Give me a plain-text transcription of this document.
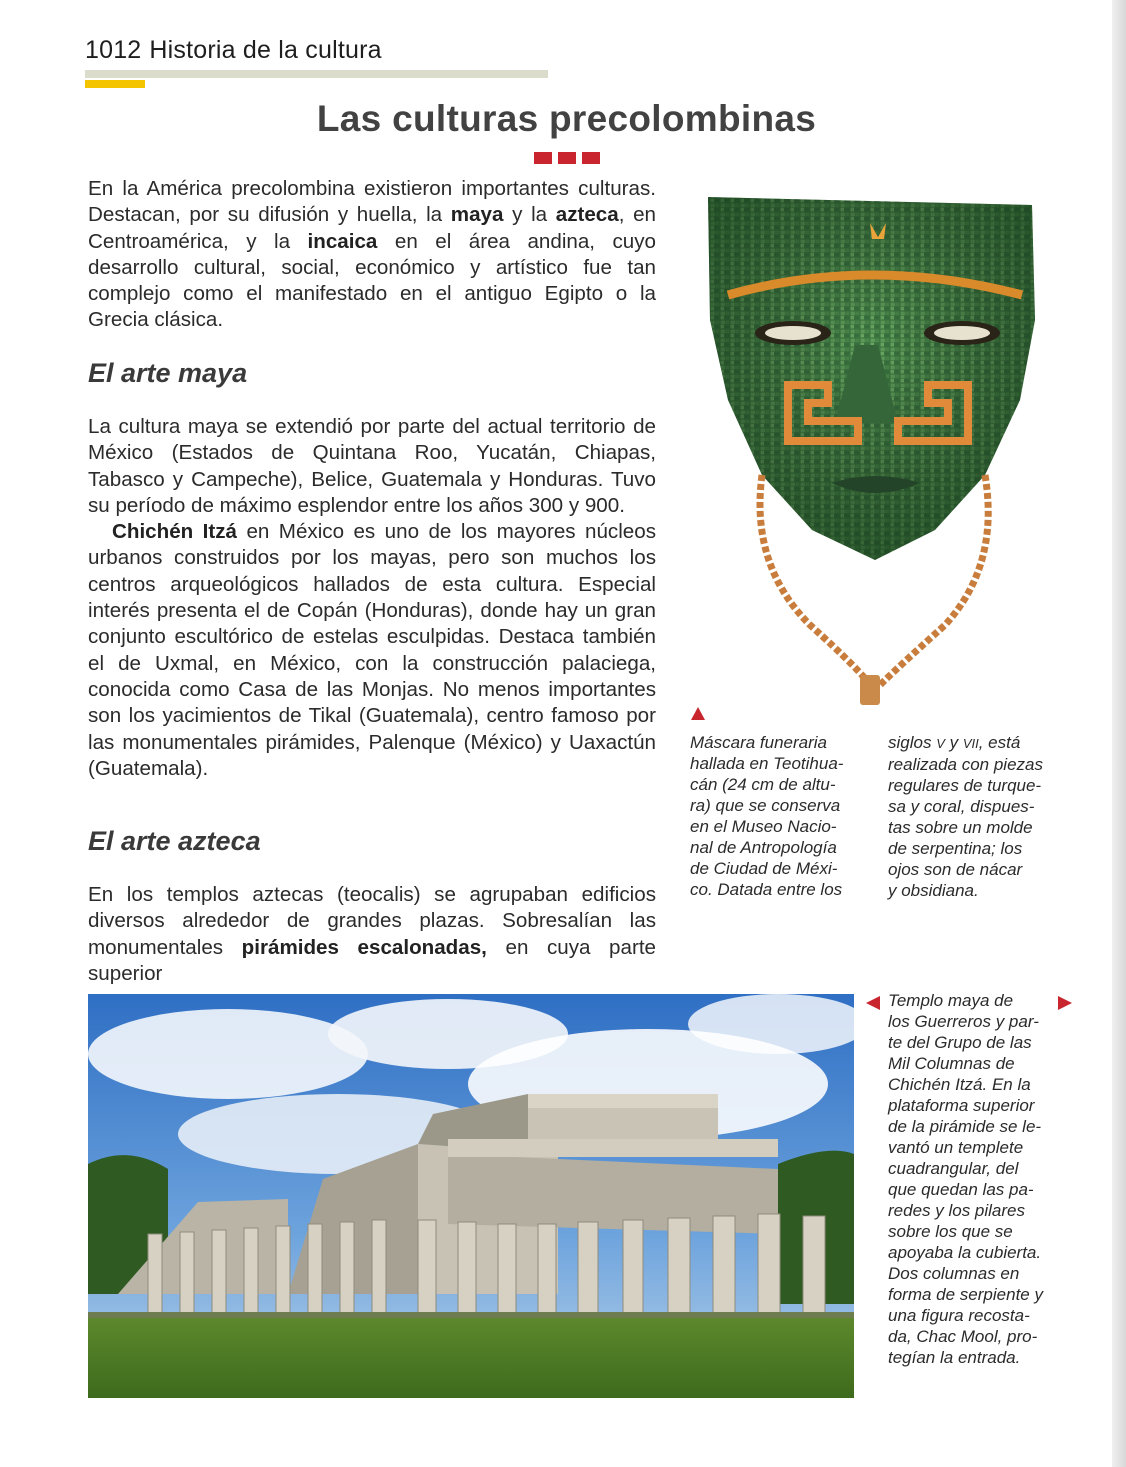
1012 Historia de la cultura
Las culturas precolombinas

En la América precolombina existieron importantes culturas. Destacan, por su difusión y huella, la maya y la azteca, en Centroamérica, y la incaica en el área andina, cuyo desarrollo cultural, social, económico y artístico fue tan complejo como el manifestado en el antiguo Egipto o la Grecia clásica.

El arte maya

La cultura maya se extendió por parte del actual territorio de México (Estados de Quintana Roo, Yucatán, Chiapas, Tabasco y Campeche), Belice, Guatemala y Honduras. Tuvo su período de máximo esplendor entre los años 300 y 900.

Chichén Itzá en México es uno de los mayores núcleos urbanos construidos por los mayas, pero son muchos los centros arqueológicos hallados de esta cultura. Especial interés presenta el de Copán (Honduras), donde hay un gran conjunto escultórico de estelas esculpidas. Destaca también el de Uxmal, en México, con la construcción palaciega, conocida como Casa de las Monjas. No menos importantes son los yacimientos de Tikal (Guatemala), centro famoso por las monumentales pirámides, Palenque (México) y Uaxactún (Guatemala).

El arte azteca

En los templos aztecas (teocalis) se agrupaban edificios diversos alrededor de grandes plazas. Sobresalían las monumentales pirámides escalonadas, en cuya parte superior

Máscara funeraria
hallada en Teotihua-
cán (24 cm de altu-
ra) que se conserva
en el Museo Nacio-
nal de Antropología
de Ciudad de Méxi-
co. Datada entre los
siglos V y VII, está
realizada con piezas
regulares de turque-
sa y coral, dispues-
tas sobre un molde
de serpentina; los
ojos son de nácar
y obsidiana.
Templo maya de
los Guerreros y par-
te del Grupo de las
Mil Columnas de
Chichén Itzá. En la
plataforma superior
de la pirámide se le-
vantó un templete
cuadrangular, del
que quedan las pa-
redes y los pilares
sobre los que se
apoyaba la cubierta.
Dos columnas en
forma de serpiente y
una figura recosta-
da, Chac Mool, pro-
tegían la entrada.
